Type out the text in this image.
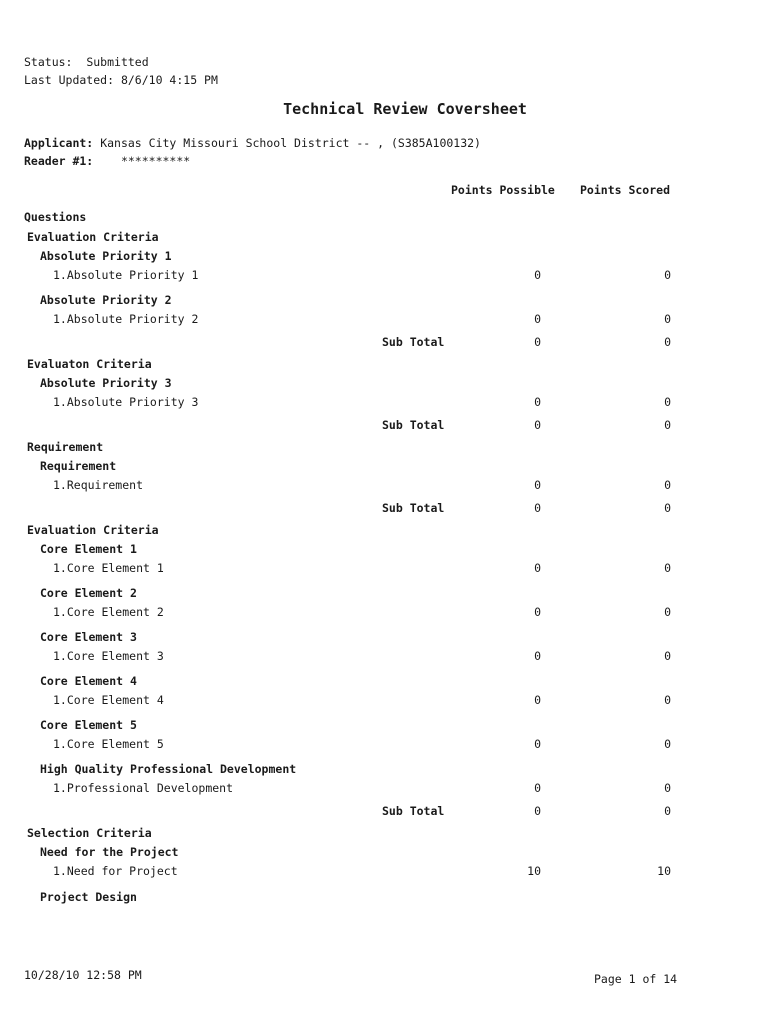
Status: Submitted
Last Updated: 8/6/10 4:15 PM
Technical Review Coversheet
Applicant: Kansas City Missouri School District -- , (S385A100132)
Reader #1: **********
Points Possible Points Scored
Questions
Evaluation Criteria
Absolute Priority 1
1.Absolute Priority 1	0	0
Absolute Priority 2
1.Absolute Priority 2	0	0
Sub Total	0	0
Evaluaton Criteria
Absolute Priority 3
1.Absolute Priority 3	0	0
Sub Total	0	0
Requirement
Requirement
1.Requirement	0	0
Sub Total	0	0
Evaluation Criteria
Core Element 1
1.Core Element 1	0	0
Core Element 2
1.Core Element 2	0	0
Core Element 3
1.Core Element 3	0	0
Core Element 4
1.Core Element 4	0	0
Core Element 5
1.Core Element 5	0	0
High Quality Professional Development
1.Professional Development	0	0
Sub Total	0	0
Selection Criteria
Need for the Project
1.Need for Project	10	10
Project Design
10/28/10 12:58 PM	Page 1 of 14
